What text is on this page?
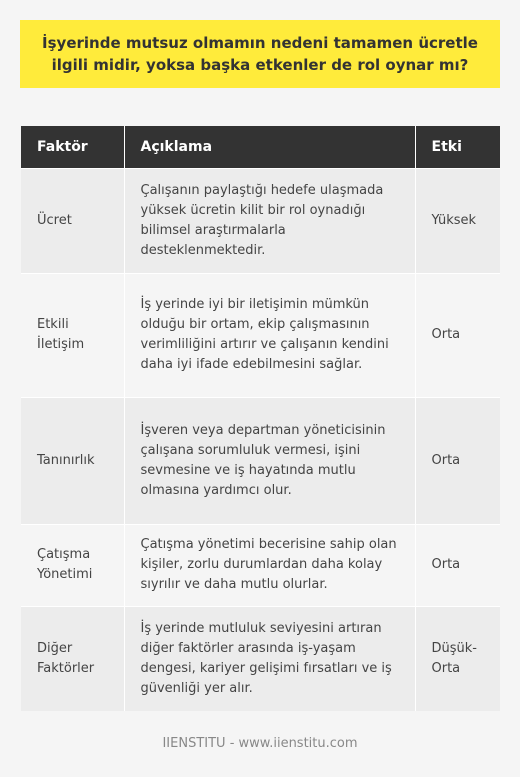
İşyerinde mutsuz olmamın nedeni tamamen ücretle ilgili midir, yoksa başka etkenler de rol oynar mı?
Faktör	Açıklama	Etki
Ücret	Çalışanın paylaştığı hedefe ulaşmada yüksek ücretin kilit bir rol oynadığı bilimsel araştırmalarla desteklenmektedir.	Yüksek
Etkili İletişim	İş yerinde iyi bir iletişimin mümkün olduğu bir ortam, ekip çalışmasının verimliliğini artırır ve çalışanın kendini daha iyi ifade edebilmesini sağlar.	Orta
Tanınırlık	İşveren veya departman yöneticisinin çalışana sorumluluk vermesi, işini sevmesine ve iş hayatında mutlu olmasına yardımcı olur.	Orta
Çatışma Yönetimi	Çatışma yönetimi becerisine sahip olan kişiler, zorlu durumlardan daha kolay sıyrılır ve daha mutlu olurlar.	Orta
Diğer Faktörler	İş yerinde mutluluk seviyesini artıran diğer faktörler arasında iş-yaşam dengesi, kariyer gelişimi fırsatları ve iş güvenliği yer alır.	Düşük-Orta
IIENSTITU - www.iienstitu.com
